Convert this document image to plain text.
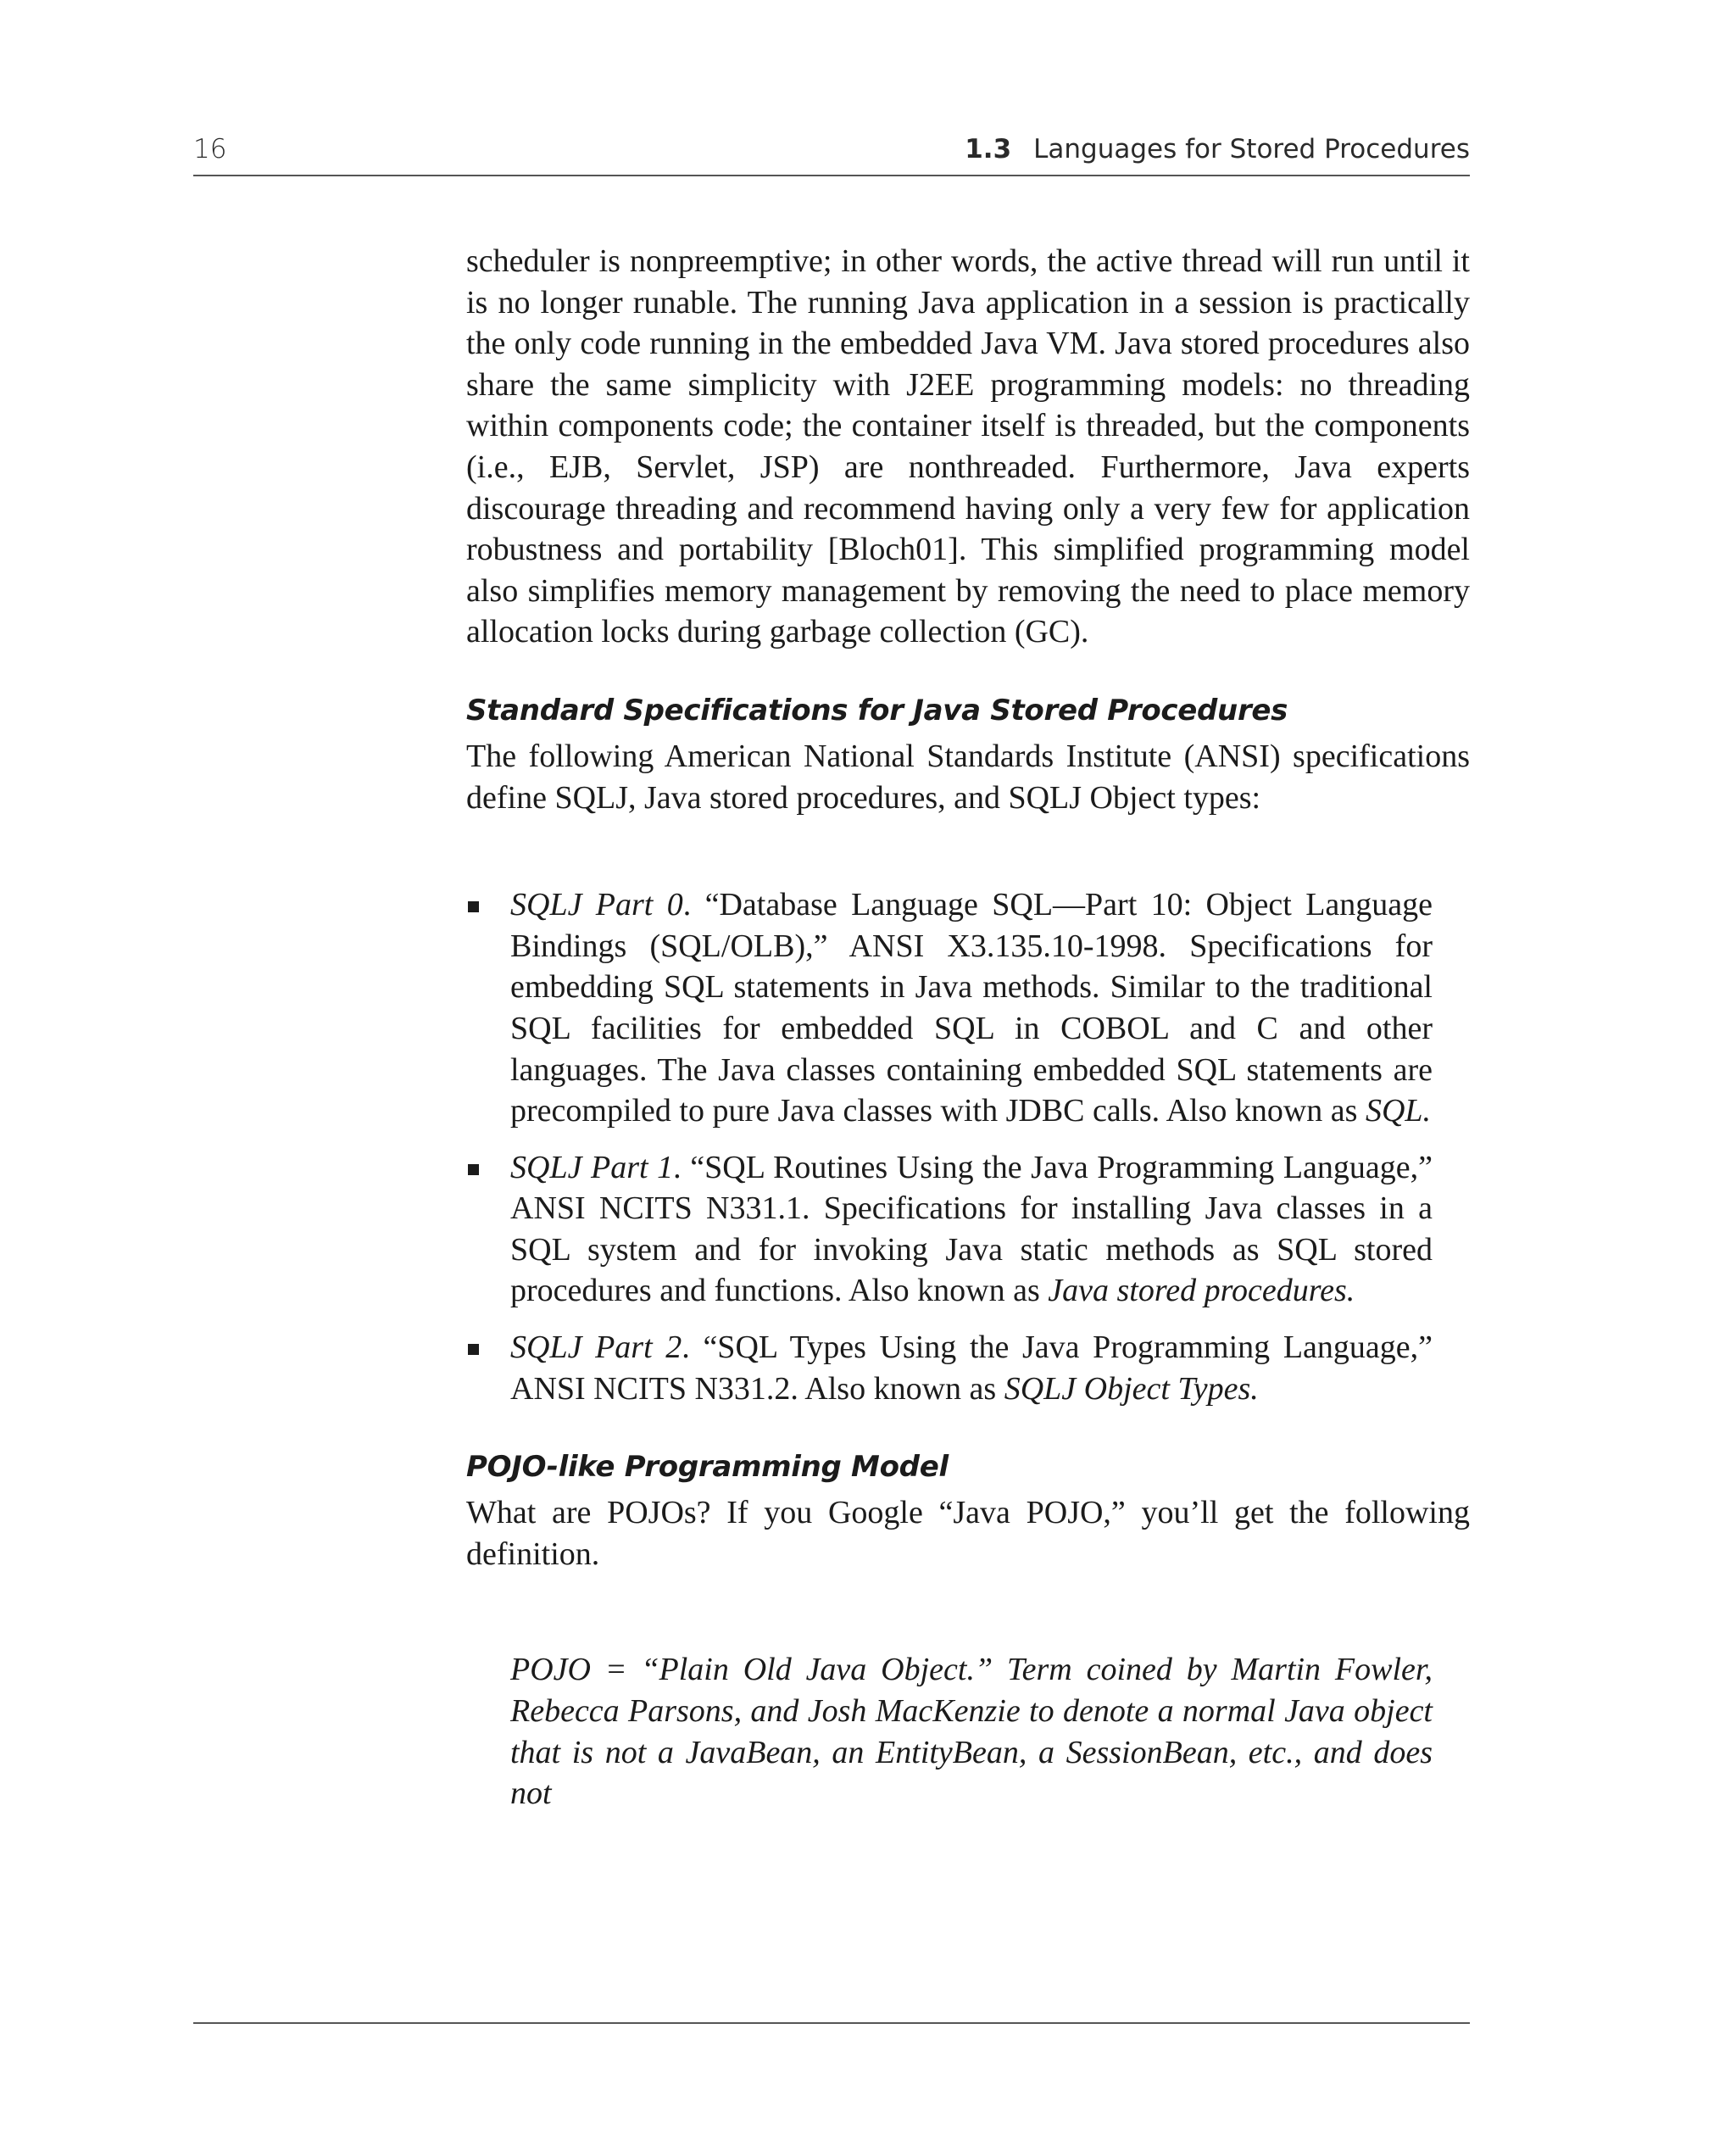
16	1.3 Languages for Stored Procedures

scheduler is nonpreemptive; in other words, the active thread will run until it is no longer runable. The running Java application in a session is practically the only code running in the embedded Java VM. Java stored procedures also share the same simplicity with J2EE programming models: no threading within components code; the container itself is threaded, but the components (i.e., EJB, Servlet, JSP) are nonthreaded. Furthermore, Java experts discourage threading and recommend having only a very few for application robustness and portability [Bloch01]. This simplified programming model also simplifies memory management by removing the need to place memory allocation locks during garbage collection (GC).

Standard Specifications for Java Stored Procedures

The following American National Standards Institute (ANSI) specifications define SQLJ, Java stored procedures, and SQLJ Object types:

SQLJ Part 0. “Database Language SQL—Part 10: Object Language Bindings (SQL/OLB),” ANSI X3.135.10-1998. Specifications for embedding SQL statements in Java methods. Similar to the traditional SQL facilities for embedded SQL in COBOL and C and other languages. The Java classes containing embedded SQL statements are precompiled to pure Java classes with JDBC calls. Also known as SQL.
SQLJ Part 1. “SQL Routines Using the Java Programming Language,” ANSI NCITS N331.1. Specifications for installing Java classes in a SQL system and for invoking Java static methods as SQL stored procedures and functions. Also known as Java stored procedures.
SQLJ Part 2. “SQL Types Using the Java Programming Language,” ANSI NCITS N331.2. Also known as SQLJ Object Types.
POJO-like Programming Model

What are POJOs? If you Google “Java POJO,” you’ll get the following definition.

POJO = “Plain Old Java Object.” Term coined by Martin Fowler, Rebecca Parsons, and Josh MacKenzie to denote a normal Java object that is not a JavaBean, an EntityBean, a SessionBean, etc., and does not
